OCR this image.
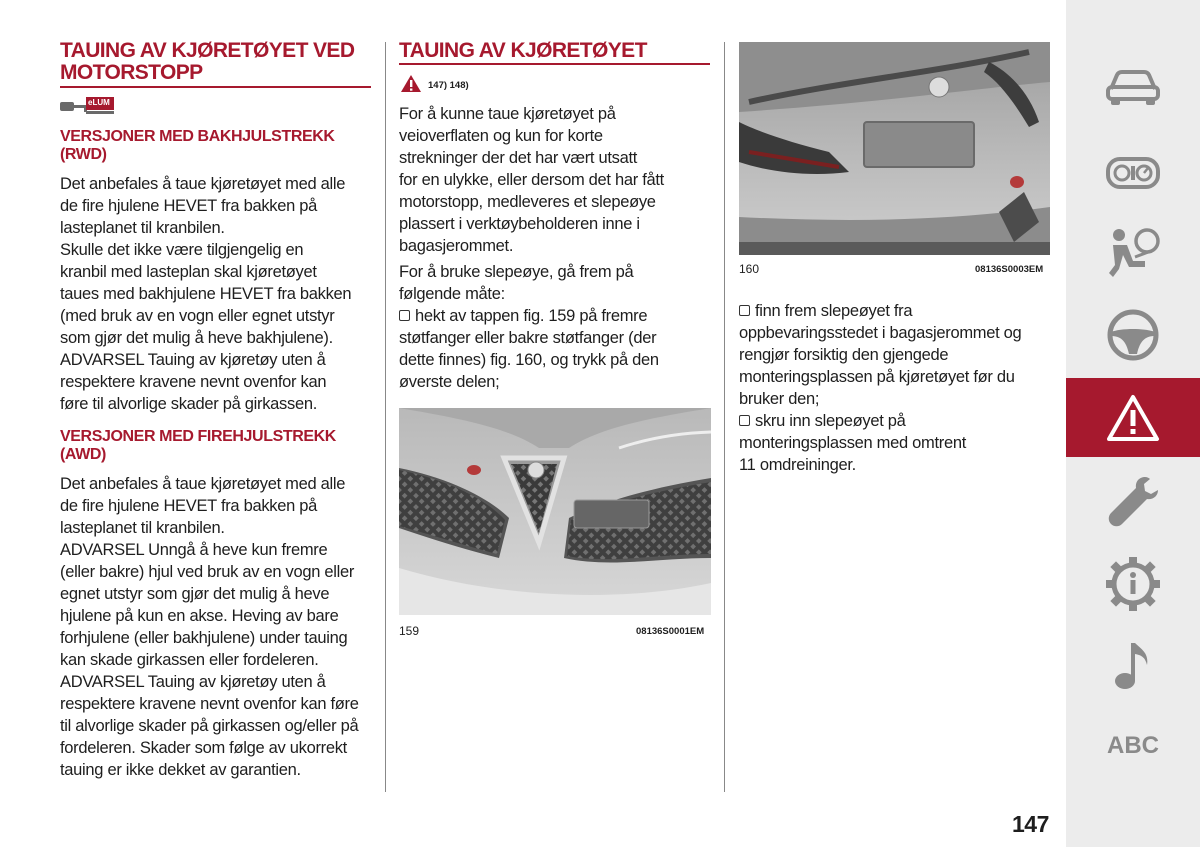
TAUING AV KJØRETØYET VED
MOTORSTOPP
eLUM
VERSJONER MED BAKHJULSTREKK
(RWD)

Det anbefales å taue kjøretøyet med alle

de fire hjulene HEVET fra bakken på

lasteplanet til kranbilen.

Skulle det ikke være tilgjengelig en

kranbil med lasteplan skal kjøretøyet

taues med bakhjulene HEVET fra bakken

(med bruk av en vogn eller egnet utstyr

som gjør det mulig å heve bakhjulene).

ADVARSEL Tauing av kjøretøy uten å

respektere kravene nevnt ovenfor kan

føre til alvorlige skader på girkassen.

VERSJONER MED FIREHJULSTREKK
(AWD)

Det anbefales å taue kjøretøyet med alle

de fire hjulene HEVET fra bakken på

lasteplanet til kranbilen.

ADVARSEL Unngå å heve kun fremre

(eller bakre) hjul ved bruk av en vogn eller

egnet utstyr som gjør det mulig å heve

hjulene på kun en akse. Heving av bare

forhjulene (eller bakhjulene) under tauing

kan skade girkassen eller fordeleren.

ADVARSEL Tauing av kjøretøy uten å

respektere kravene nevnt ovenfor kan føre

til alvorlige skader på girkassen og/eller på

fordeleren. Skader som følge av ukorrekt

tauing er ikke dekket av garantien.

TAUING AV KJØRETØYET
147) 148)

For å kunne taue kjøretøyet på

veioverflaten og kun for korte

strekninger der det har vært utsatt

for en ulykke, eller dersom det har fått

motorstopp, medleveres et slepeøye

plassert i verktøybeholderen inne i

bagasjerommet.

For å bruke slepeøye, gå frem på

følgende måte:

hekt av tappen fig. 159 på fremre

støtfanger eller bakre støtfanger (der

dette finnes) fig. 160, og trykk på den

øverste delen;

159	08136S0001EM
160	08136S0003EM

finn frem slepeøyet fra

oppbevaringsstedet i bagasjerommet og

rengjør forsiktig den gjengede

monteringsplassen på kjøretøyet før du

bruker den;

skru inn slepeøyet på

monteringsplassen med omtrent

11 omdreininger.

147
ABC
